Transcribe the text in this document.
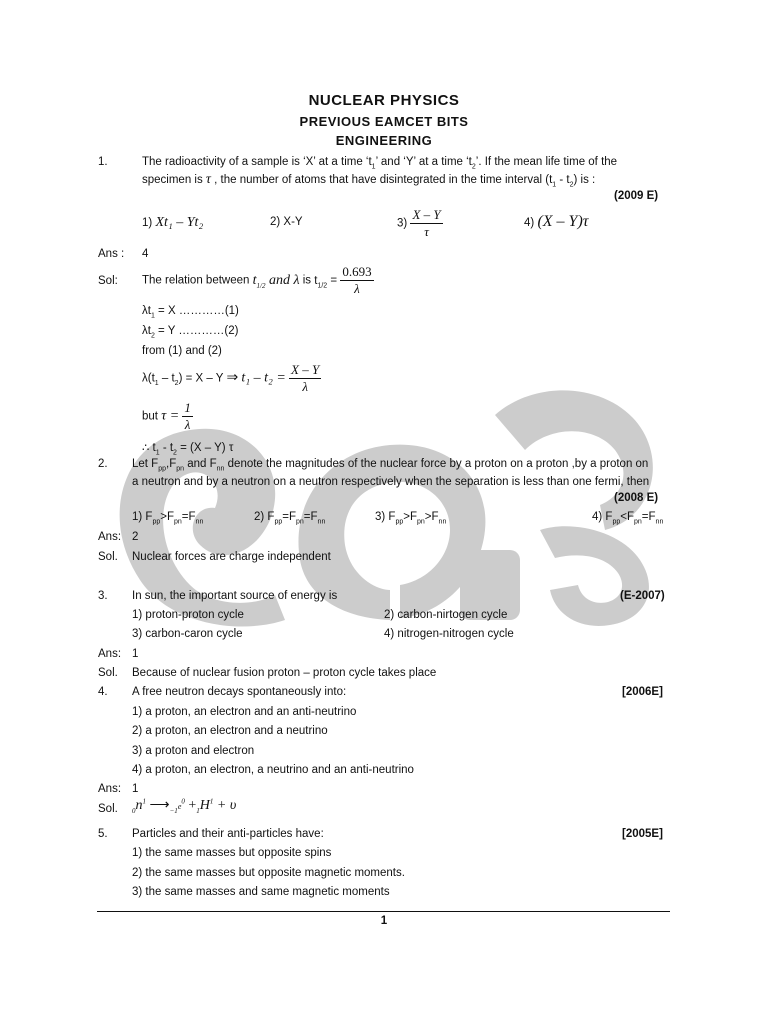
NUCLEAR PHYSICS
PREVIOUS EAMCET BITS
ENGINEERING
1.	The radioactivity of a sample is ‘X’ at a time ‘$t_1$’ and ‘Y’ at a time ‘$t_2$’. If the mean life time of the
specimen is τ , the number of atoms that have disintegrated in the time interval $(t_1 - t_2)$ is :
(2009 E)
1) Xt₁ – Yt₂	2) X-Y	$3) \frac{X - Y}{\tau}$	4) (X – Y)τ
Ans : 4
Sol: The relation between $t_{1/2}$ and λ is $t_{1/2} = \frac{0.693}{\lambda}$
$\lambda t_1 = X$ …………(1)
$\lambda t_2 = Y$ …………(2)
from (1) and (2)
$\lambda(t_1 - t_2) = X - Y$ ⇒ $t_1 - t_2 = \frac{X - Y}{\lambda}$
but $\tau = \frac{1}{\lambda}$
∴ $t_1 - t_2 = (X - Y)$ τ
2. Let $F_{pp},F_{pn}$ and $F_{nn}$ denote the magnitudes of the nuclear force by a proton on a proton ,by a proton on
a neutron and by a neutron on a neutron respectively when the separation is less than one fermi, then
(2008 E)
1) $F_{pp}>F_{pn}=F_{nn}$	2) $F_{pp}=F_{pn}=F_{nn}$	3) $F_{pp}>F_{pn}>F_{nn}$	4) $F_{pp}<F_{pn}=F_{nn}$
Ans: 2
Sol. Nuclear forces are charge independent
3. In sun, the important source of energy is	(E-2007)
1) proton-proton cycle	2) carbon-nirtogen cycle
3) carbon-caron cycle	4) nitrogen-nitrogen cycle
Ans: 1
Sol. Because of nuclear fusion proton – proton cycle takes place
4. A free neutron decays spontaneously into:	[2006E]
1) a proton, an electron and an anti-neutrino
2) a proton, an electron and a neutrino
3) a proton and electron
4) a proton, an electron, a neutrino and an anti-neutrino
Ans: 1
Sol. $_0n^1$ $⟶_{-1}e^0 +_1H^1 + \upsilon$
5. Particles and their anti-particles have:	[2005E]
1) the same masses but opposite spins
2) the same masses but opposite magnetic moments.
3) the same masses and same magnetic moments
1
